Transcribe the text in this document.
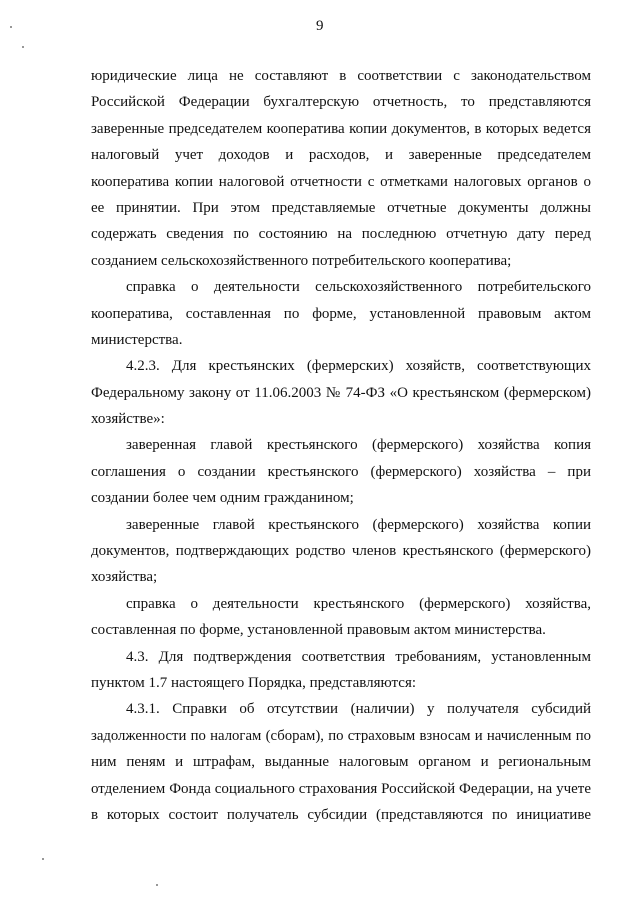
9
юридические лица не составляют в соответствии с законодательством
Российской Федерации бухгалтерскую отчетность, то представляются
заверенные председателем кооператива копии документов, в которых ведется
налоговый учет доходов и расходов, и заверенные председателем
кооператива копии налоговой отчетности с отметками налоговых органов о
ее принятии. При этом представляемые отчетные документы должны
содержать сведения по состоянию на последнюю отчетную дату перед
созданием сельскохозяйственного потребительского кооператива;
справка о деятельности сельскохозяйственного потребительского
кооператива, составленная по форме, установленной правовым актом
министерства.
4.2.3. Для крестьянских (фермерских) хозяйств, соответствующих
Федеральному закону от 11.06.2003 № 74-ФЗ «О крестьянском (фермерском)
хозяйстве»:
заверенная главой крестьянского (фермерского) хозяйства копия
соглашения о создании крестьянского (фермерского) хозяйства – при
создании более чем одним гражданином;
заверенные главой крестьянского (фермерского) хозяйства копии
документов, подтверждающих родство членов крестьянского (фермерского)
хозяйства;
справка о деятельности крестьянского (фермерского) хозяйства,
составленная по форме, установленной правовым актом министерства.
4.3. Для подтверждения соответствия требованиям, установленным
пунктом 1.7 настоящего Порядка, представляются:
4.3.1. Справки об отсутствии (наличии) у получателя субсидий
задолженности по налогам (сборам), по страховым взносам и начисленным по
ним пеням и штрафам, выданные налоговым органом и региональным
отделением Фонда социального страхования Российской Федерации, на учете
в которых состоит получатель субсидии (представляются по инициативе
